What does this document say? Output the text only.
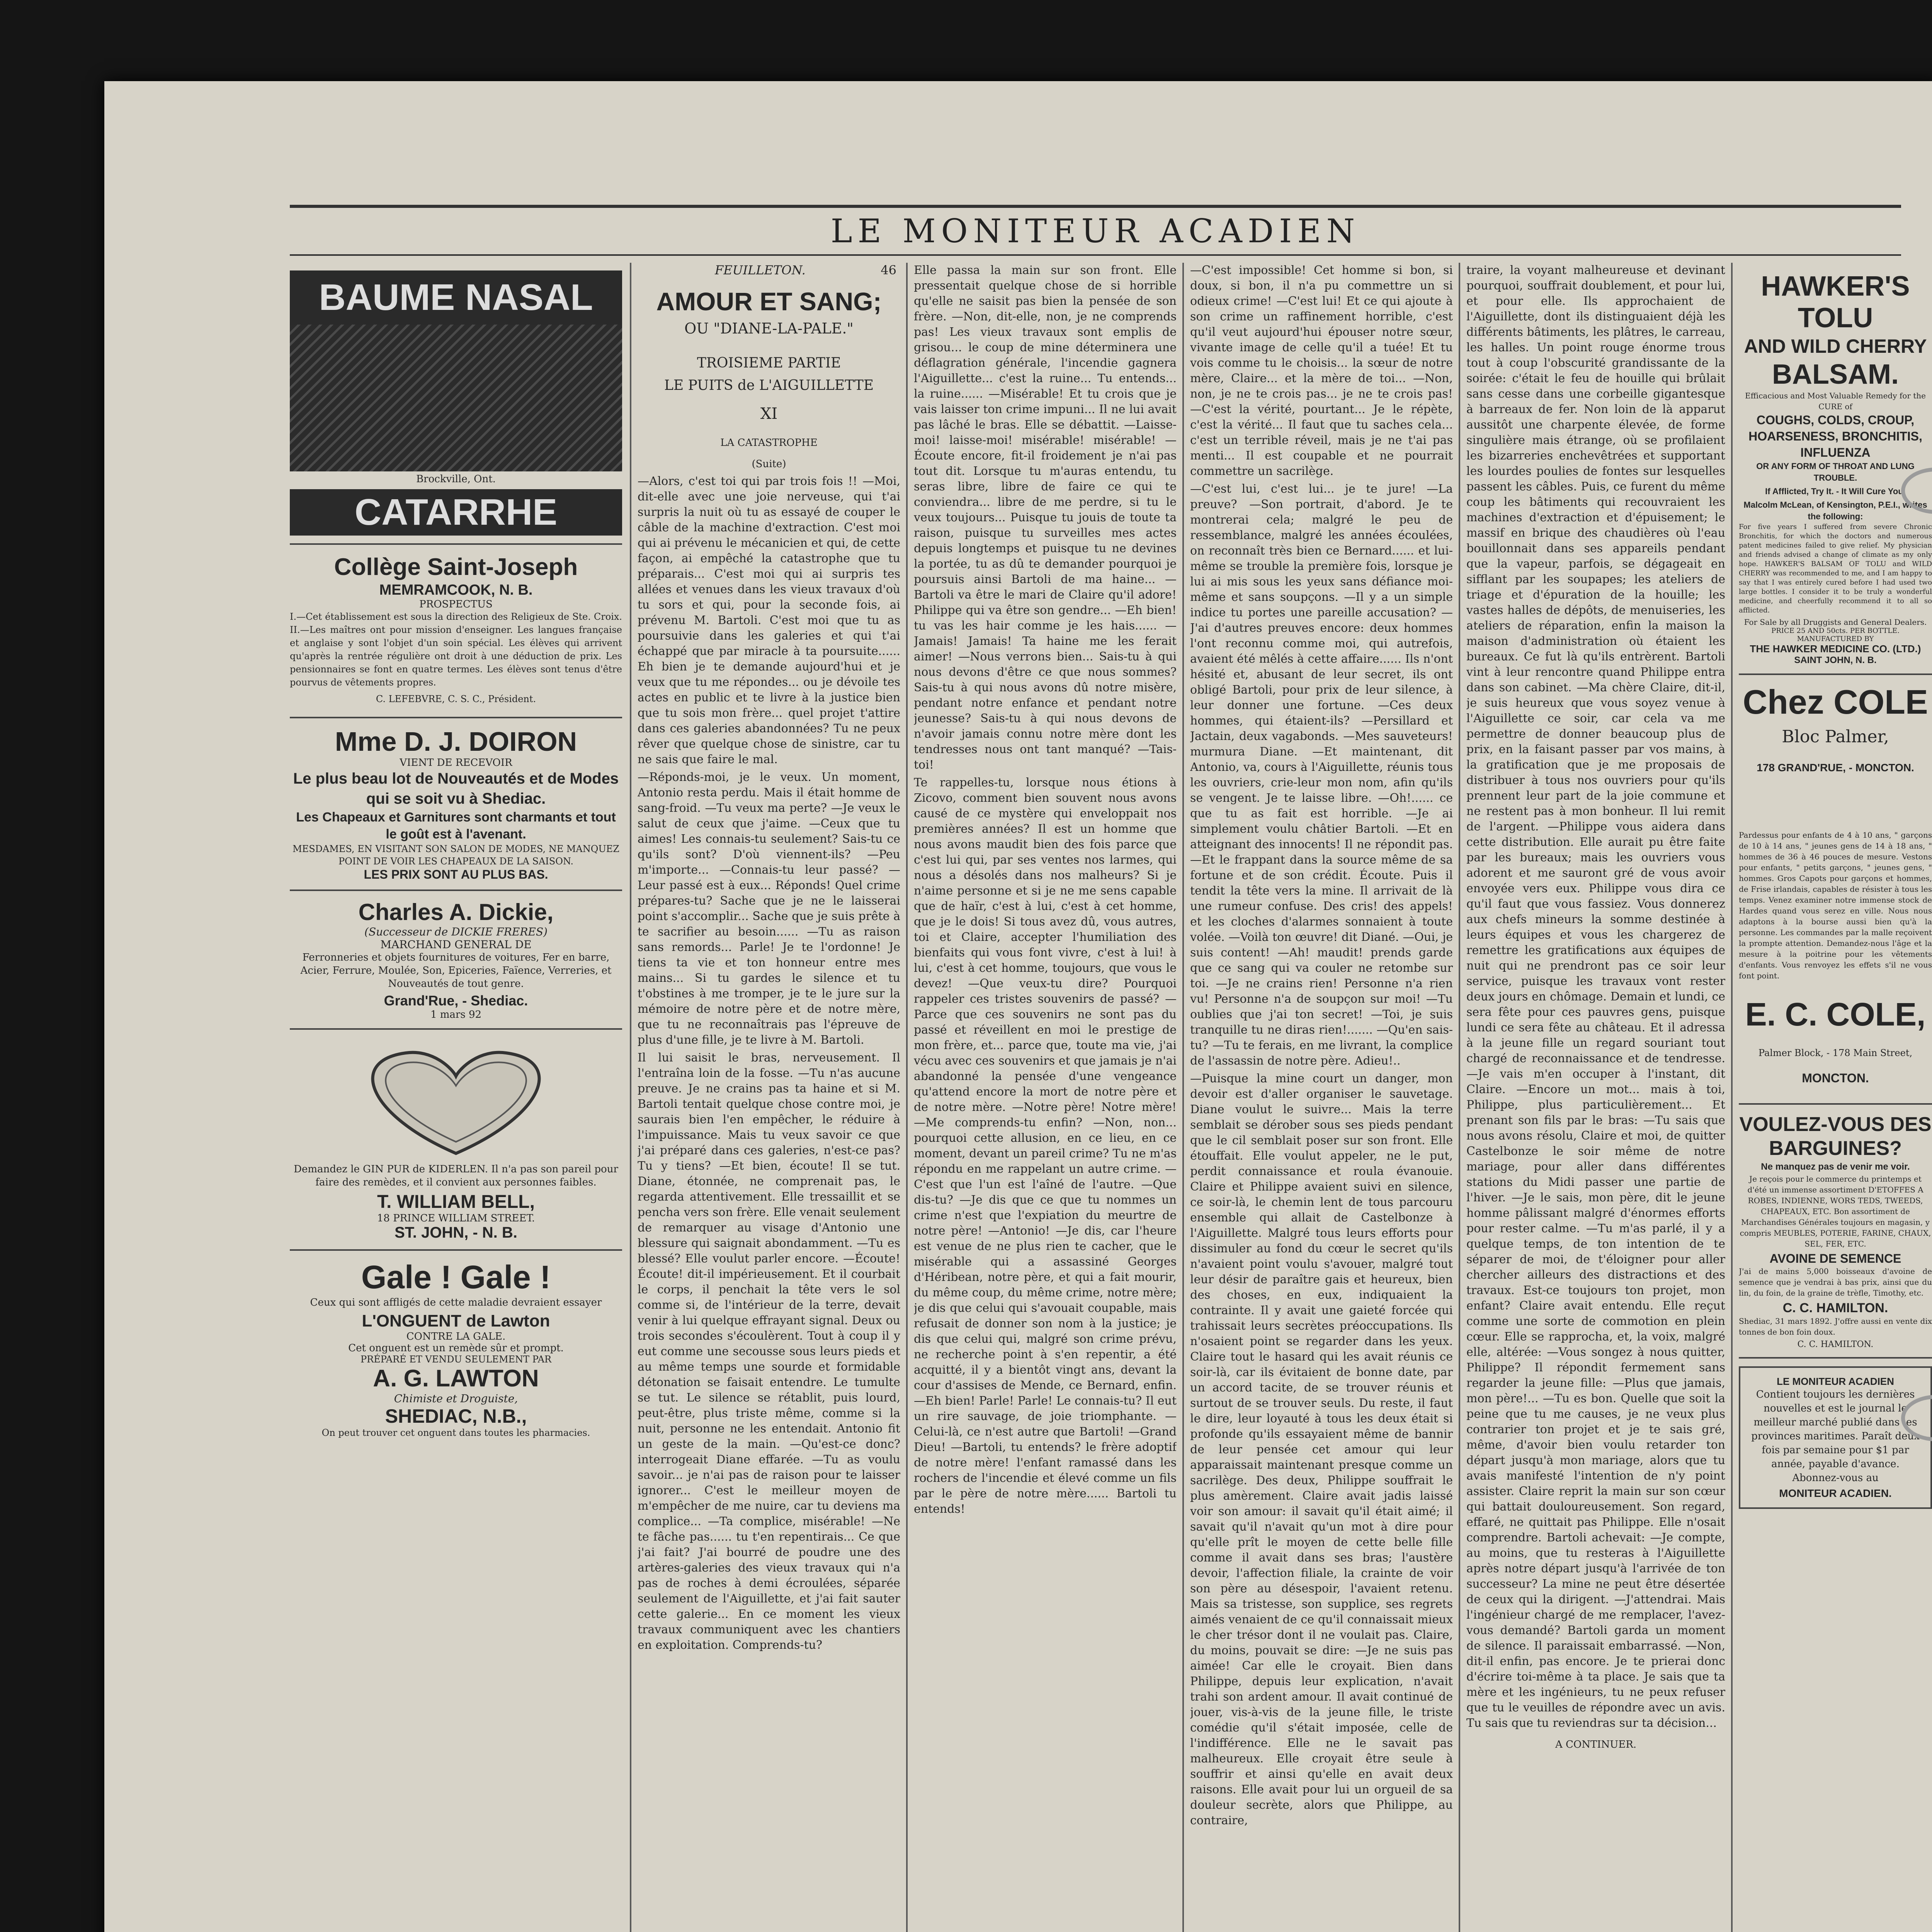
LE MONITEUR ACADIEN
BAUME NASAL
Brockville, Ont.
CATARRHE
Collège Saint-Joseph
MEMRAMCOOK, N. B.
PROSPECTUS

I.—Cet établissement est sous la direction des Religieux de Ste. Croix. II.—Les maîtres ont pour mission d'enseigner. Les langues française et anglaise y sont l'objet d'un soin spécial. Les élèves qui arrivent qu'après la rentrée régulière ont droit à une déduction de prix. Les pensionnaires se font en quatre termes. Les élèves sont tenus d'être pourvus de vêtements propres.

C. LEFEBVRE, C. S. C., Président.
Mme D. J. DOIRON
VIENT DE RECEVOIR
Le plus beau lot de Nouveautés et de Modes qui se soit vu à Shediac.
Les Chapeaux et Garnitures sont charmants et tout le goût est à l'avenant.
MESDAMES, EN VISITANT SON SALON DE MODES, NE MANQUEZ POINT DE VOIR LES CHAPEAUX DE LA SAISON.
LES PRIX SONT AU PLUS BAS.
Charles A. Dickie,
(Successeur de DICKIE FRERES)
MARCHAND GENERAL DE

Ferronneries et objets fournitures de voitures, Fer en barre, Acier, Ferrure, Moulée, Son, Epiceries, Faïence, Verreries, et Nouveautés de tout genre.

Grand'Rue, - Shediac.
1 mars 92

Demandez le GIN PUR de KIDERLEN. Il n'a pas son pareil pour faire des remèdes, et il convient aux personnes faibles.

T. WILLIAM BELL,
18 PRINCE WILLIAM STREET.
ST. JOHN, - N. B.
Gale ! Gale !

Ceux qui sont affligés de cette maladie devraient essayer

L'ONGUENT de Lawton
CONTRE LA GALE.
Cet onguent est un remède sûr et prompt.
PRÉPARÉ ET VENDU SEULEMENT PAR
A. G. LAWTON
Chimiste et Droguiste,
SHEDIAC, N.B.,
On peut trouver cet onguent dans toutes les pharmacies.
FEUILLETON.	46
AMOUR ET SANG;
OU "DIANE-LA-PALE."
TROISIEME PARTIE
LE PUITS de L'AIGUILLETTE
XI
LA CATASTROPHE
(Suite)

—Alors, c'est toi qui par trois fois !! —Moi, dit-elle avec une joie nerveuse, qui t'ai surpris la nuit où tu as essayé de couper le câble de la machine d'extraction. C'est moi qui ai prévenu le mécanicien et qui, de cette façon, ai empêché la catastrophe que tu préparais... C'est moi qui ai surpris tes allées et venues dans les vieux travaux d'où tu sors et qui, pour la seconde fois, ai prévenu M. Bartoli. C'est moi que tu as poursuivie dans les galeries et qui t'ai échappé que par miracle à ta poursuite...... Eh bien je te demande aujourd'hui et je veux que tu me répondes... ou je dévoile tes actes en public et te livre à la justice bien que tu sois mon frère... quel projet t'attire dans ces galeries abandonnées? Tu ne peux rêver que quelque chose de sinistre, car tu ne sais que faire le mal.

—Réponds-moi, je le veux. Un moment, Antonio resta perdu. Mais il était homme de sang-froid. —Tu veux ma perte? —Je veux le salut de ceux que j'aime. —Ceux que tu aimes! Les connais-tu seulement? Sais-tu ce qu'ils sont? D'où viennent-ils? —Peu m'importe... —Connais-tu leur passé? —Leur passé est à eux... Réponds! Quel crime prépares-tu? Sache que je ne le laisserai point s'accomplir... Sache que je suis prête à te sacrifier au besoin...... —Tu as raison sans remords... Parle! Je te l'ordonne! Je tiens ta vie et ton honneur entre mes mains... Si tu gardes le silence et tu t'obstines à me tromper, je te le jure sur la mémoire de notre père et de notre mère, que tu ne reconnaîtrais pas l'épreuve de plus d'une fille, je te livre à M. Bartoli.

Il lui saisit le bras, nerveusement. Il l'entraîna loin de la fosse. —Tu n'as aucune preuve. Je ne crains pas ta haine et si M. Bartoli tentait quelque chose contre moi, je saurais bien l'en empêcher, le réduire à l'impuissance. Mais tu veux savoir ce que j'ai préparé dans ces galeries, n'est-ce pas? Tu y tiens? —Et bien, écoute! Il se tut. Diane, étonnée, ne comprenait pas, le regarda attentivement. Elle tressaillit et se pencha vers son frère. Elle venait seulement de remarquer au visage d'Antonio une blessure qui saignait abondamment. —Tu es blessé? Elle voulut parler encore. —Écoute! Écoute! dit-il impérieusement. Et il courbait le corps, il penchait la tête vers le sol comme si, de l'intérieur de la terre, devait venir à lui quelque effrayant signal. Deux ou trois secondes s'écoulèrent. Tout à coup il y eut comme une secousse sous leurs pieds et au même temps une sourde et formidable détonation se faisait entendre. Le tumulte se tut. Le silence se rétablit, puis lourd, peut-être, plus triste même, comme si la nuit, personne ne les entendait. Antonio fit un geste de la main. —Qu'est-ce donc? interrogeait Diane effarée. —Tu as voulu savoir... je n'ai pas de raison pour te laisser ignorer... C'est le meilleur moyen de m'empêcher de me nuire, car tu deviens ma complice... —Ta complice, misérable! —Ne te fâche pas...... tu t'en repentirais... Ce que j'ai fait? J'ai bourré de poudre une des artères-galeries des vieux travaux qui n'a pas de roches à demi écroulées, séparée seulement de l'Aiguillette, et j'ai fait sauter cette galerie... En ce moment les vieux travaux communiquent avec les chantiers en exploitation. Comprends-tu?

Elle passa la main sur son front. Elle pressentait quelque chose de si horrible qu'elle ne saisit pas bien la pensée de son frère. —Non, dit-elle, non, je ne comprends pas! Les vieux travaux sont emplis de grisou... le coup de mine déterminera une déflagration générale, l'incendie gagnera l'Aiguillette... c'est la ruine... Tu entends... la ruine...... —Misérable! Et tu crois que je vais laisser ton crime impuni... Il ne lui avait pas lâché le bras. Elle se débattit. —Laisse-moi! laisse-moi! misérable! misérable! —Écoute encore, fit-il froidement je n'ai pas tout dit. Lorsque tu m'auras entendu, tu seras libre, libre de faire ce qui te conviendra... libre de me perdre, si tu le veux toujours... Puisque tu jouis de toute ta raison, puisque tu surveilles mes actes depuis longtemps et puisque tu ne devines la portée, tu as dû te demander pourquoi je poursuis ainsi Bartoli de ma haine... —Bartoli va être le mari de Claire qu'il adore! Philippe qui va être son gendre... —Eh bien! tu vas les hair comme je les hais...... —Jamais! Jamais! Ta haine me les ferait aimer! —Nous verrons bien... Sais-tu à qui nous devons d'être ce que nous sommes? Sais-tu à qui nous avons dû notre misère, pendant notre enfance et pendant notre jeunesse? Sais-tu à qui nous devons de n'avoir jamais connu notre mère dont les tendresses nous ont tant manqué? —Tais-toi!

Te rappelles-tu, lorsque nous étions à Zicovo, comment bien souvent nous avons causé de ce mystère qui enveloppait nos premières années? Il est un homme que nous avons maudit bien des fois parce que c'est lui qui, par ses ventes nos larmes, qui nous a désolés dans nos malheurs? Si je n'aime personne et si je ne me sens capable que de haïr, c'est à lui, c'est à cet homme, que je le dois! Si tous avez dû, vous autres, toi et Claire, accepter l'humiliation des bienfaits qui vous font vivre, c'est à lui! à lui, c'est à cet homme, toujours, que vous le devez! —Que veux-tu dire? Pourquoi rappeler ces tristes souvenirs de passé? —Parce que ces souvenirs ne sont pas du passé et réveillent en moi le prestige de mon frère, et... parce que, toute ma vie, j'ai vécu avec ces souvenirs et que jamais je n'ai abandonné la pensée d'une vengeance qu'attend encore la mort de notre père et de notre mère. —Notre père! Notre mère! —Me comprends-tu enfin? —Non, non... pourquoi cette allusion, en ce lieu, en ce moment, devant un pareil crime? Tu ne m'as répondu en me rappelant un autre crime. —C'est que l'un est l'aîné de l'autre. —Que dis-tu? —Je dis que ce que tu nommes un crime n'est que l'expiation du meurtre de notre père! —Antonio! —Je dis, car l'heure est venue de ne plus rien te cacher, que le misérable qui a assassiné Georges d'Héribean, notre père, et qui a fait mourir, du même coup, du même crime, notre mère; je dis que celui qui s'avouait coupable, mais refusait de donner son nom à la justice; je dis que celui qui, malgré son crime prévu, ne recherche point à s'en repentir, a été acquitté, il y a bientôt vingt ans, devant la cour d'assises de Mende, ce Bernard, enfin. —Eh bien! Parle! Parle! Le connais-tu? Il eut un rire sauvage, de joie triomphante. —Celui-là, ce n'est autre que Bartoli! —Grand Dieu! —Bartoli, tu entends? le frère adoptif de notre mère! l'enfant ramassé dans les rochers de l'incendie et élevé comme un fils par le père de notre mère...... Bartoli tu entends!

—C'est impossible! Cet homme si bon, si doux, si bon, il n'a pu commettre un si odieux crime! —C'est lui! Et ce qui ajoute à son crime un raffinement horrible, c'est qu'il veut aujourd'hui épouser notre sœur, vivante image de celle qu'il a tuée! Et tu vois comme tu le choisis... la sœur de notre mère, Claire... et la mère de toi... —Non, non, je ne te crois pas... je ne te crois pas! —C'est la vérité, pourtant... Je le répète, c'est la vérité... Il faut que tu saches cela... c'est un terrible réveil, mais je ne t'ai pas menti... Il est coupable et ne pourrait commettre un sacrilège.

—C'est lui, c'est lui... je te jure! —La preuve? —Son portrait, d'abord. Je te montrerai cela; malgré le peu de ressemblance, malgré les années écoulées, on reconnaît très bien ce Bernard...... et lui-même se trouble la première fois, lorsque je lui ai mis sous les yeux sans défiance moi-même et sans soupçons. —Il y a un simple indice tu portes une pareille accusation? —J'ai d'autres preuves encore: deux hommes l'ont reconnu comme moi, qui autrefois, avaient été mêlés à cette affaire...... Ils n'ont hésité et, abusant de leur secret, ils ont obligé Bartoli, pour prix de leur silence, à leur donner une fortune. —Ces deux hommes, qui étaient-ils? —Persillard et Jactain, deux vagabonds. —Mes sauveteurs! murmura Diane. —Et maintenant, dit Antonio, va, cours à l'Aiguillette, réunis tous les ouvriers, crie-leur mon nom, afin qu'ils se vengent. Je te laisse libre. —Oh!...... ce que tu as fait est horrible. —Je ai simplement voulu châtier Bartoli. —Et en atteignant des innocents! Il ne répondit pas. —Et le frappant dans la source même de sa fortune et de son crédit. Écoute. Puis il tendit la tête vers la mine. Il arrivait de là une rumeur confuse. Des cris! des appels! et les cloches d'alarmes sonnaient à toute volée. —Voilà ton œuvre! dit Diané. —Oui, je suis content! —Ah! maudit! prends garde que ce sang qui va couler ne retombe sur toi. —Je ne crains rien! Personne n'a rien vu! Personne n'a de soupçon sur moi! —Tu oublies que j'ai ton secret! —Toi, je suis tranquille tu ne diras rien!....... —Qu'en sais-tu? —Tu te ferais, en me livrant, la complice de l'assassin de notre père. Adieu!..

—Puisque la mine court un danger, mon devoir est d'aller organiser le sauvetage. Diane voulut le suivre... Mais la terre semblait se dérober sous ses pieds pendant que le cil semblait poser sur son front. Elle étouffait. Elle voulut appeler, ne le put, perdit connaissance et roula évanouie. Claire et Philippe avaient suivi en silence, ce soir-là, le chemin lent de tous parcouru ensemble qui allait de Castelbonze à l'Aiguillette. Malgré tous leurs efforts pour dissimuler au fond du cœur le secret qu'ils n'avaient point voulu s'avouer, malgré tout leur désir de paraître gais et heureux, bien des choses, en eux, indiquaient la contrainte. Il y avait une gaieté forcée qui trahissait leurs secrètes préoccupations. Ils n'osaient point se regarder dans les yeux. Claire tout le hasard qui les avait réunis ce soir-là, car ils évitaient de bonne date, par un accord tacite, de se trouver réunis et surtout de se trouver seuls. Du reste, il faut le dire, leur loyauté à tous les deux était si profonde qu'ils essayaient même de bannir de leur pensée cet amour qui leur apparaissait maintenant presque comme un sacrilège. Des deux, Philippe souffrait le plus amèrement. Claire avait jadis laissé voir son amour: il savait qu'il était aimé; il savait qu'il n'avait qu'un mot à dire pour qu'elle prît le moyen de cette belle fille comme il avait dans ses bras; l'austère devoir, l'affection filiale, la crainte de voir son père au désespoir, l'avaient retenu. Mais sa tristesse, son supplice, ses regrets aimés venaient de ce qu'il connaissait mieux le cher trésor dont il ne voulait pas. Claire, du moins, pouvait se dire: —Je ne suis pas aimée! Car elle le croyait. Bien dans Philippe, depuis leur explication, n'avait trahi son ardent amour. Il avait continué de jouer, vis-à-vis de la jeune fille, le triste comédie qu'il s'était imposée, celle de l'indifférence. Elle ne le savait pas malheureux. Elle croyait être seule à souffrir et ainsi qu'elle en avait deux raisons. Elle avait pour lui un orgueil de sa douleur secrète, alors que Philippe, au contraire,

traire, la voyant malheureuse et devinant pourquoi, souffrait doublement, et pour lui, et pour elle. Ils approchaient de l'Aiguillette, dont ils distinguaient déjà les différents bâtiments, les plâtres, le carreau, les halles. Un point rouge énorme trous tout à coup l'obscurité grandissante de la soirée: c'était le feu de houille qui brûlait sans cesse dans une corbeille gigantesque à barreaux de fer. Non loin de là apparut aussitôt une charpente élevée, de forme singulière mais étrange, où se profilaient les bizarreries enchevêtrées et supportant les lourdes poulies de fontes sur lesquelles passent les câbles. Puis, ce furent du même coup les bâtiments qui recouvraient les machines d'extraction et d'épuisement; le massif en brique des chaudières où l'eau bouillonnait dans ses appareils pendant que la vapeur, parfois, se dégageait en sifflant par les soupapes; les ateliers de triage et d'épuration de la houille; les vastes halles de dépôts, de menuiseries, les ateliers de réparation, enfin la maison la maison d'administration où étaient les bureaux. Ce fut là qu'ils entrèrent. Bartoli vint à leur rencontre quand Philippe entra dans son cabinet. —Ma chère Claire, dit-il, je suis heureux que vous soyez venue à l'Aiguillette ce soir, car cela va me permettre de donner beaucoup plus de prix, en la faisant passer par vos mains, à la gratification que je me proposais de distribuer à tous nos ouvriers pour qu'ils prennent leur part de la joie commune et ne restent pas à mon bonheur. Il lui remit de l'argent. —Philippe vous aidera dans cette distribution. Elle aurait pu être faite par les bureaux; mais les ouvriers vous adorent et me sauront gré de vous avoir envoyée vers eux. Philippe vous dira ce qu'il faut que vous fassiez. Vous donnerez aux chefs mineurs la somme destinée à leurs équipes et vous les chargerez de remettre les gratifications aux équipes de nuit qui ne prendront pas ce soir leur service, puisque les travaux vont rester deux jours en chômage. Demain et lundi, ce sera fête pour ces pauvres gens, puisque lundi ce sera fête au château. Et il adressa à la jeune fille un regard souriant tout chargé de reconnaissance et de tendresse. —Je vais m'en occuper à l'instant, dit Claire. —Encore un mot... mais à toi, Philippe, plus particulièrement... Et prenant son fils par le bras: —Tu sais que nous avons résolu, Claire et moi, de quitter Castelbonze le soir même de notre mariage, pour aller dans différentes stations du Midi passer une partie de l'hiver. —Je le sais, mon père, dit le jeune homme pâlissant malgré d'énormes efforts pour rester calme. —Tu m'as parlé, il y a quelque temps, de ton intention de te séparer de moi, de t'éloigner pour aller chercher ailleurs des distractions et des travaux. Est-ce toujours ton projet, mon enfant? Claire avait entendu. Elle reçut comme une sorte de commotion en plein cœur. Elle se rapprocha, et, la voix, malgré elle, altérée: —Vous songez à nous quitter, Philippe? Il répondit fermement sans regarder la jeune fille: —Plus que jamais, mon père!... —Tu es bon. Quelle que soit la peine que tu me causes, je ne veux plus contrarier ton projet et je te sais gré, même, d'avoir bien voulu retarder ton départ jusqu'à mon mariage, alors que tu avais manifesté l'intention de n'y point assister. Claire reprit la main sur son cœur qui battait douloureusement. Son regard, effaré, ne quittait pas Philippe. Elle n'osait comprendre. Bartoli achevait: —Je compte, au moins, que tu resteras à l'Aiguillette après notre départ jusqu'à l'arrivée de ton successeur? La mine ne peut être désertée de ceux qui la dirigent. —J'attendrai. Mais l'ingénieur chargé de me remplacer, l'avez-vous demandé? Bartoli garda un moment de silence. Il paraissait embarrassé. —Non, dit-il enfin, pas encore. Je te prierai donc d'écrire toi-même à ta place. Je sais que ta mère et les ingénieurs, tu ne peux refuser que tu le veuilles de répondre avec un avis. Tu sais que tu reviendras sur ta décision...

A CONTINUER.
HAWKER'S
TOLU
AND WILD CHERRY
BALSAM.
Efficacious and Most Valuable Remedy for the CURE of
COUGHS, COLDS, CROUP, HOARSENESS, BRONCHITIS, INFLUENZA
OR ANY FORM OF THROAT AND LUNG TROUBLE.
If Afflicted, Try It. - It Will Cure You.
Malcolm McLean, of Kensington, P.E.I., writes the following:

For five years I suffered from severe Chronic Bronchitis, for which the doctors and numerous patent medicines failed to give relief. My physician and friends advised a change of climate as my only hope. HAWKER'S BALSAM OF TOLU and WILD CHERRY was recommended to me, and I am happy to say that I was entirely cured before I had used two large bottles. I consider it to be truly a wonderful medicine, and cheerfully recommend it to all so afflicted.

For Sale by all Druggists and General Dealers.
PRICE 25 AND 50cts. PER BOTTLE.
MANUFACTURED BY
THE HAWKER MEDICINE CO. (LTD.)
SAINT JOHN, N. B.
Chez COLE
Bloc Palmer,
178 GRAND'RUE, - MONCTON.

Pardessus pour enfants de 4 à 10 ans, " garçons de 10 à 14 ans, " jeunes gens de 14 à 18 ans, " hommes de 36 à 46 pouces de mesure. Vestons pour enfants, " petits garçons, " jeunes gens, " hommes. Gros Capots pour garçons et hommes, de Frise irlandais, capables de résister à tous les temps. Venez examiner notre immense stock de Hardes quand vous serez en ville. Nous nous adaptons à la bourse aussi bien qu'à la personne. Les commandes par la malle reçoivent la prompte attention. Demandez-nous l'âge et la mesure à la poitrine pour les vêtements d'enfants. Vous renvoyez les effets s'il ne vous font point.

E. C. COLE,
Palmer Block, - 178 Main Street,
MONCTON.
VOULEZ-VOUS DES BARGUINES?
Ne manquez pas de venir me voir.

Je reçois pour le commerce du printemps et d'été un immense assortiment D'ETOFFES A ROBES, INDIENNE, WORS TEDS, TWEEDS, CHAPEAUX, ETC. Bon assortiment de Marchandises Générales toujours en magasin, y compris MEUBLES, POTERIE, FARINE, CHAUX, SEL, FER, ETC.

AVOINE DE SEMENCE

J'ai de mains 5,000 boisseaux d'avoine de semence que je vendrai à bas prix, ainsi que du lin, du foin, de la graine de trèfle, Timothy, etc.

C. C. HAMILTON.

Shediac, 31 mars 1892. J'offre aussi en vente dix tonnes de bon foin doux.

C. C. HAMILTON.
LE MONITEUR ACADIEN

Contient toujours les dernières nouvelles et est le journal le meilleur marché publié dans les provinces maritimes. Paraît deux fois par semaine pour $1 par année, payable d'avance. Abonnez-vous au

MONITEUR ACADIEN.
